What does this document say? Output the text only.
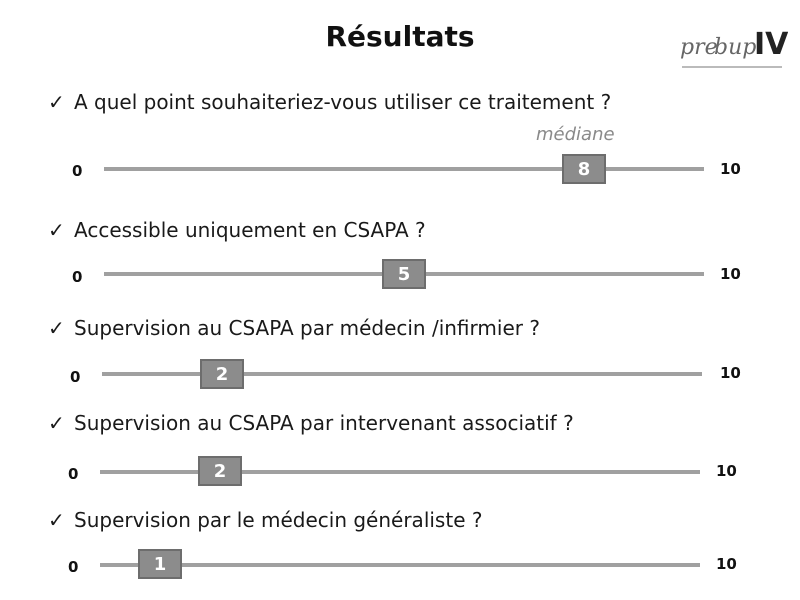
Résultats	pre
bup
IV
✓ A quel point souhaiteriez-vous utiliser ce traitement ?
médiane
0	10
8
✓ Accessible uniquement en CSAPA ?
0	10
5
✓ Supervision au CSAPA par médecin /infirmier ?
0	10
2
✓ Supervision au CSAPA par intervenant associatif ?
0	10
2
✓ Supervision par le médecin généraliste ?
0	10
1
